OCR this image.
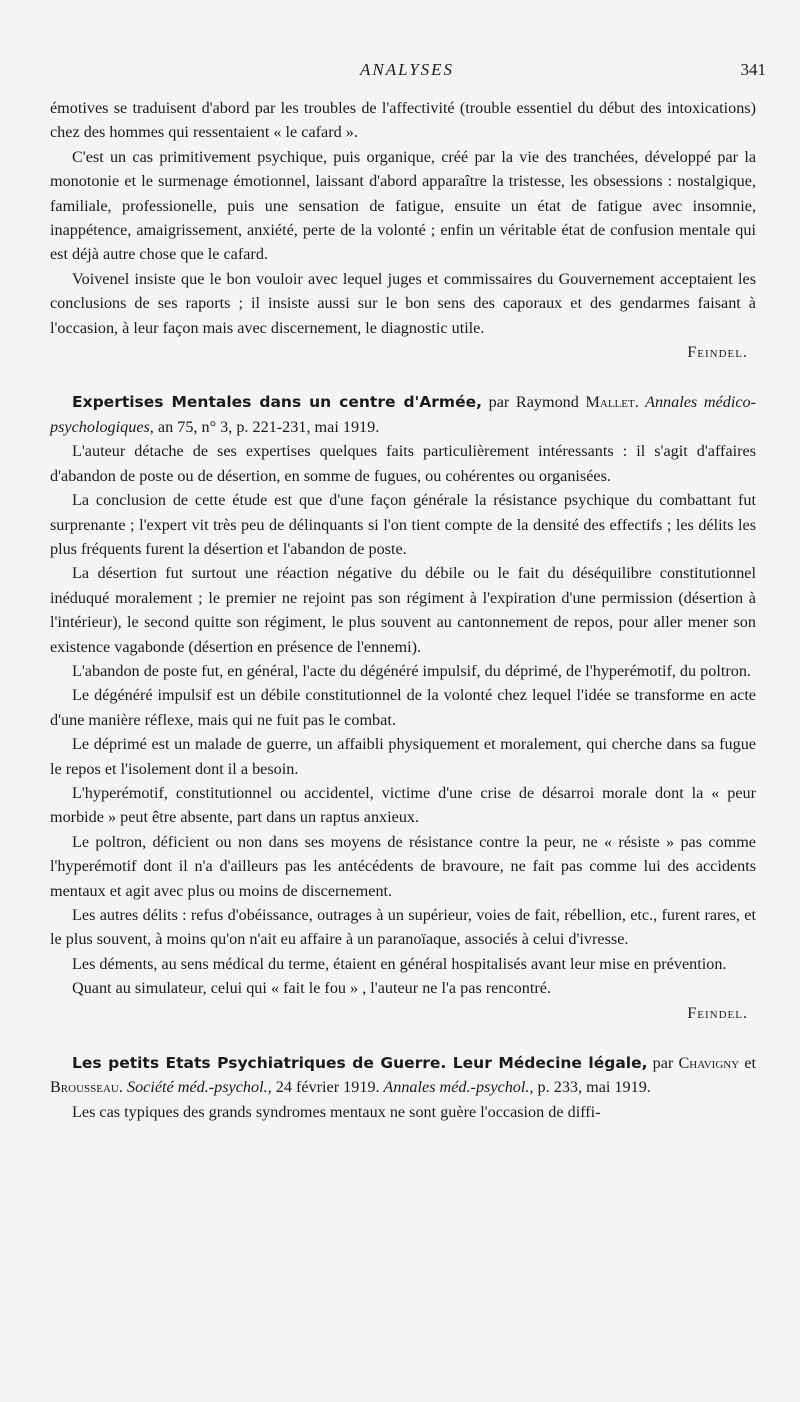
ANALYSES	341

émotives se traduisent d'abord par les troubles de l'affectivité (trouble essentiel du début des intoxications) chez des hommes qui ressentaient « le cafard ».

C'est un cas primitivement psychique, puis organique, créé par la vie des tranchées, développé par la monotonie et le surmenage émotionnel, laissant d'abord apparaître la tristesse, les obsessions : nostalgique, familiale, professionelle, puis une sensation de fatigue, ensuite un état de fatigue avec insomnie, inappétence, amaigrissement, anxiété, perte de la volonté ; enfin un véritable état de confusion mentale qui est déjà autre chose que le cafard.

Voivenel insiste que le bon vouloir avec lequel juges et commissaires du Gouvernement acceptaient les conclusions de ses raports ; il insiste aussi sur le bon sens des caporaux et des gendarmes faisant à l'occasion, à leur façon mais avec discernement, le diagnostic utile.

Feindel.

Expertises Mentales dans un centre d'Armée, par Raymond Mallet. Annales médico-psychologiques, an 75, n° 3, p. 221-231, mai 1919.

L'auteur détache de ses expertises quelques faits particulièrement intéressants : il s'agit d'affaires d'abandon de poste ou de désertion, en somme de fugues, ou cohérentes ou organisées.

La conclusion de cette étude est que d'une façon générale la résistance psychique du combattant fut surprenante ; l'expert vit très peu de délinquants si l'on tient compte de la densité des effectifs ; les délits les plus fréquents furent la désertion et l'abandon de poste.

La désertion fut surtout une réaction négative du débile ou le fait du déséquilibre constitutionnel inéduqué moralement ; le premier ne rejoint pas son régiment à l'expiration d'une permission (désertion à l'intérieur), le second quitte son régiment, le plus souvent au cantonnement de repos, pour aller mener son existence vagabonde (désertion en présence de l'ennemi).

L'abandon de poste fut, en général, l'acte du dégénéré impulsif, du déprimé, de l'hyperémotif, du poltron.

Le dégénéré impulsif est un débile constitutionnel de la volonté chez lequel l'idée se transforme en acte d'une manière réflexe, mais qui ne fuit pas le combat.

Le déprimé est un malade de guerre, un affaibli physiquement et moralement, qui cherche dans sa fugue le repos et l'isolement dont il a besoin.

L'hyperémotif, constitutionnel ou accidentel, victime d'une crise de désarroi morale dont la « peur morbide » peut être absente, part dans un raptus anxieux.

Le poltron, déficient ou non dans ses moyens de résistance contre la peur, ne « résiste » pas comme l'hyperémotif dont il n'a d'ailleurs pas les antécédents de bravoure, ne fait pas comme lui des accidents mentaux et agit avec plus ou moins de discernement.

Les autres délits : refus d'obéissance, outrages à un supérieur, voies de fait, rébellion, etc., furent rares, et le plus souvent, à moins qu'on n'ait eu affaire à un paranoïaque, associés à celui d'ivresse.

Les déments, au sens médical du terme, étaient en général hospitalisés avant leur mise en prévention.

Quant au simulateur, celui qui « fait le fou » , l'auteur ne l'a pas rencontré.

Feindel.

Les petits Etats Psychiatriques de Guerre. Leur Médecine légale, par Chavigny et Brousseau. Société méd.-psychol., 24 février 1919. Annales méd.-psychol., p. 233, mai 1919.

Les cas typiques des grands syndromes mentaux ne sont guère l'occasion de diffi-
